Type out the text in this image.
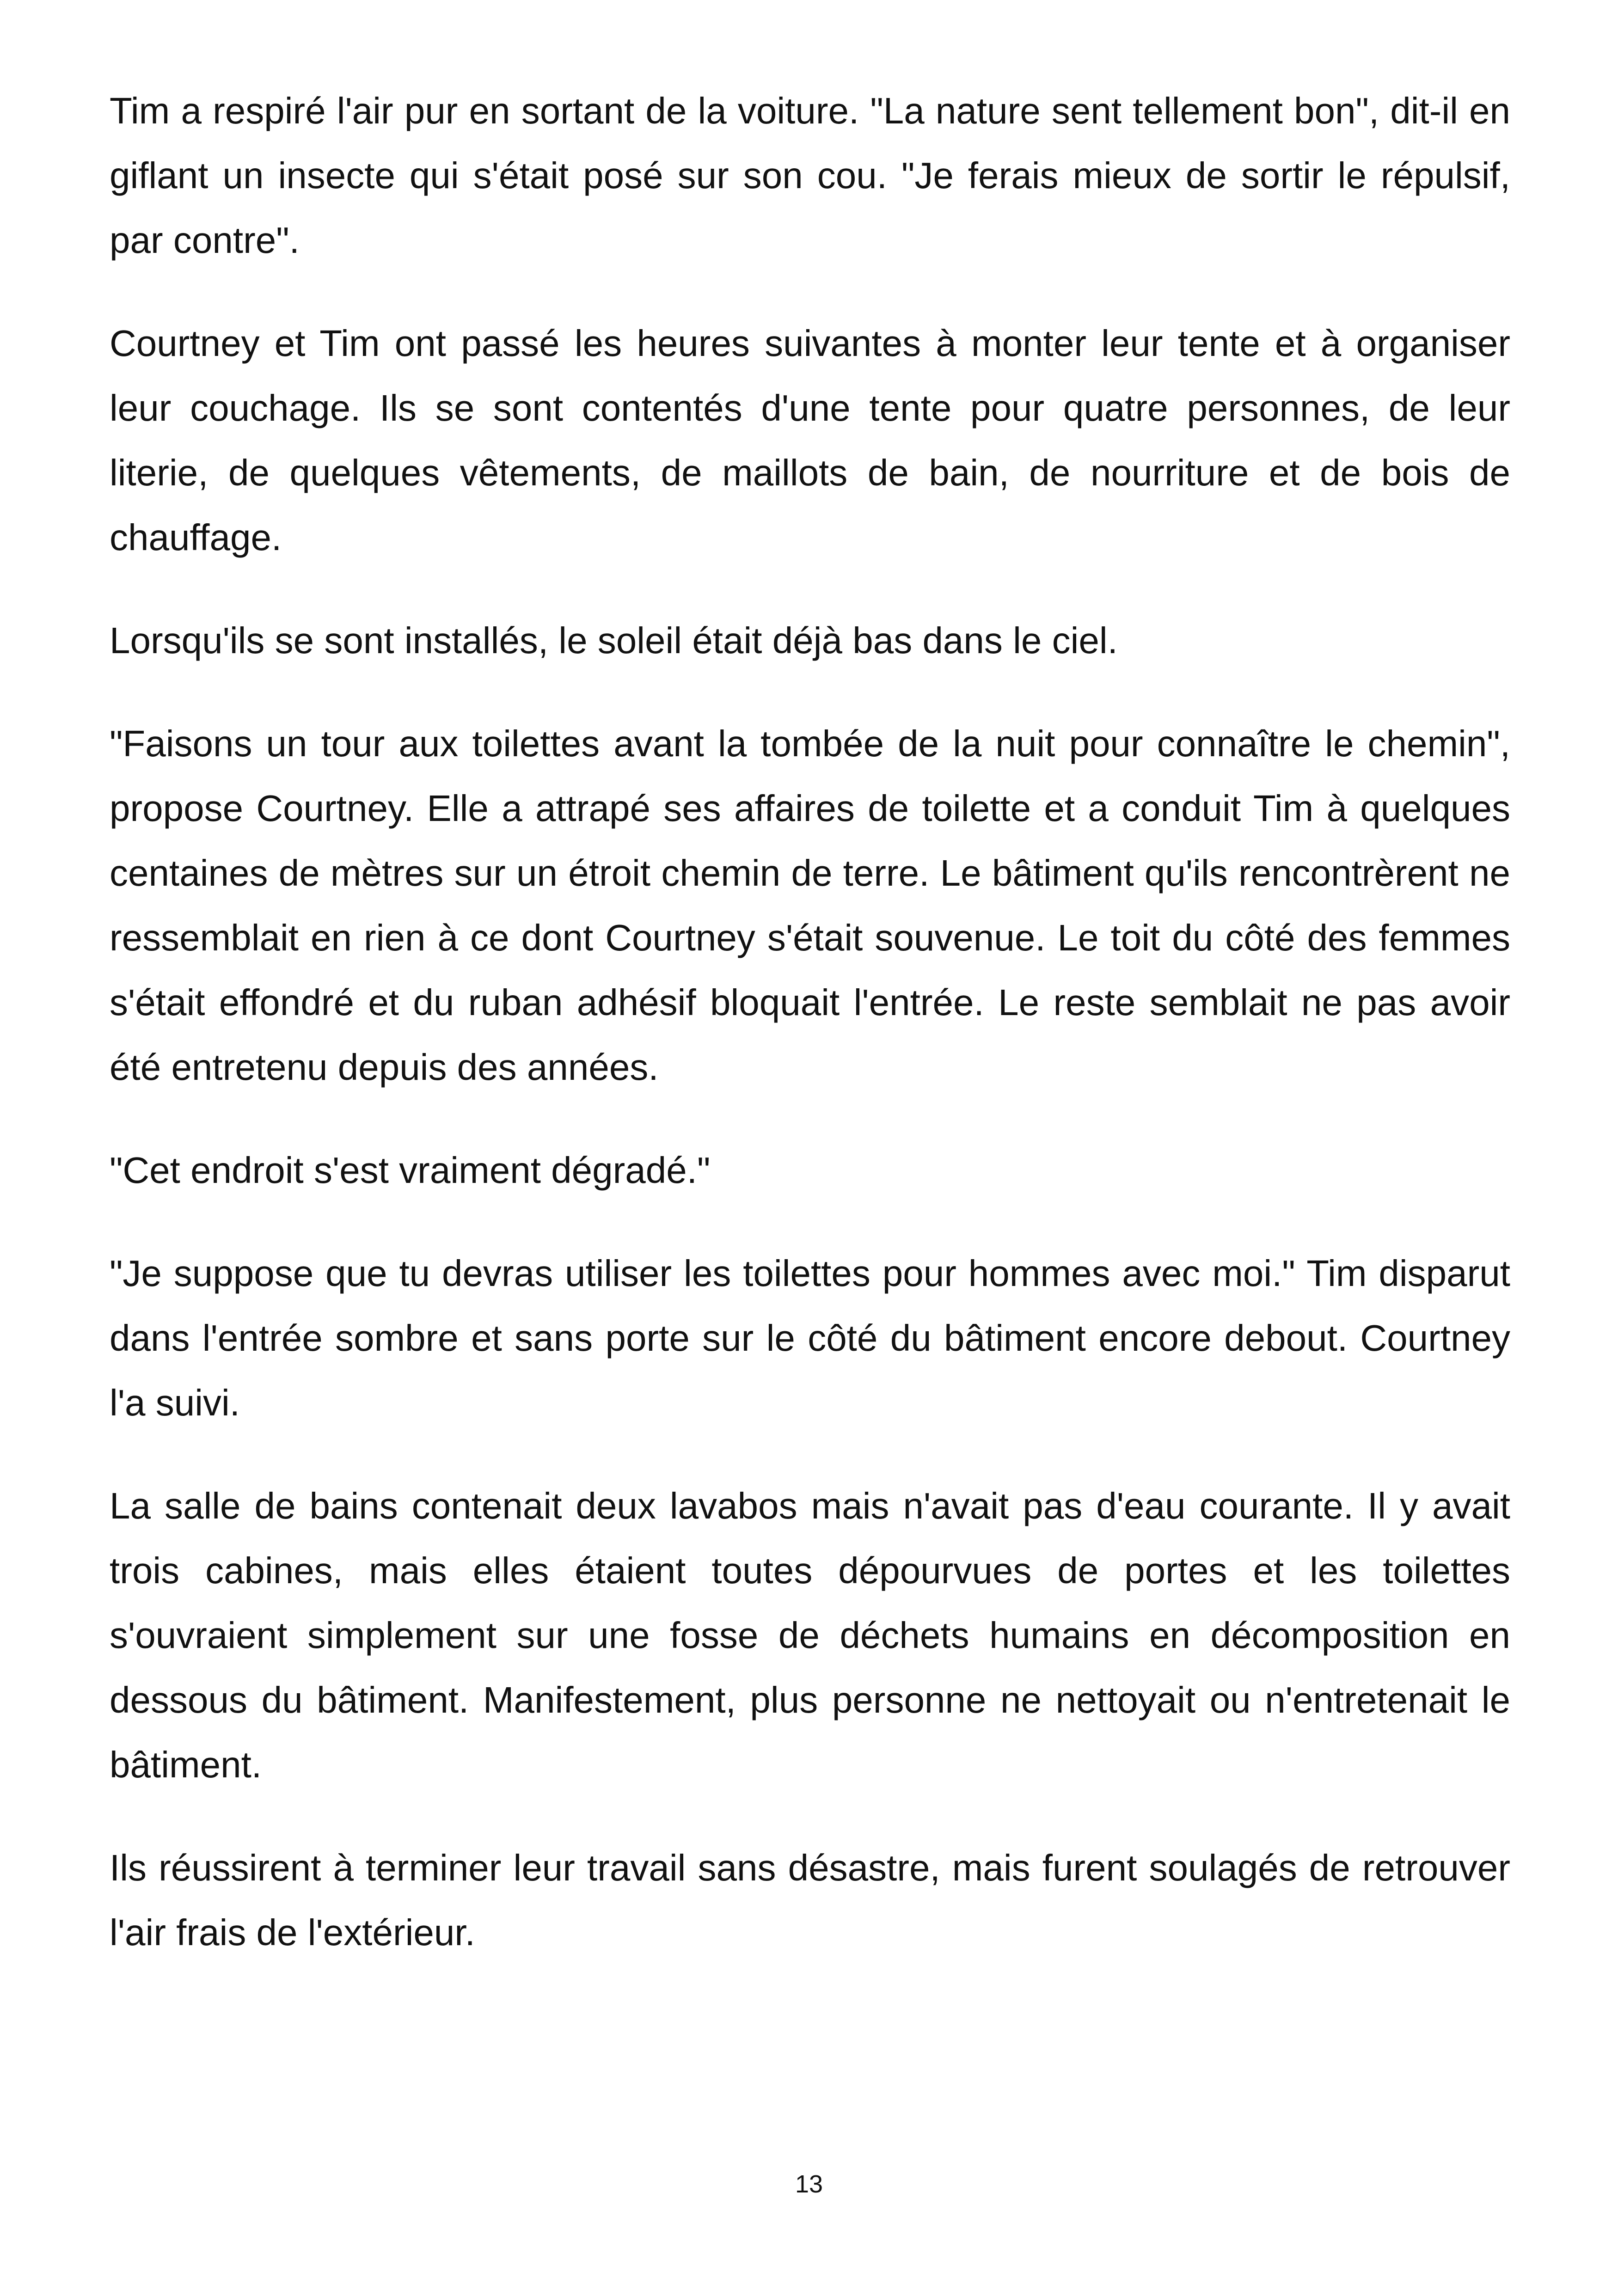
Tim a respiré l'air pur en sortant de la voiture. "La nature sent tellement bon", dit-il en giflant un insecte qui s'était posé sur son cou. "Je ferais mieux de sortir le répulsif, par contre".

Courtney et Tim ont passé les heures suivantes à monter leur tente et à organiser leur couchage. Ils se sont contentés d'une tente pour quatre personnes, de leur literie, de quelques vêtements, de maillots de bain, de nourriture et de bois de chauffage.

Lorsqu'ils se sont installés, le soleil était déjà bas dans le ciel.

"Faisons un tour aux toilettes avant la tombée de la nuit pour connaître le chemin", propose Courtney. Elle a attrapé ses affaires de toilette et a conduit Tim à quelques centaines de mètres sur un étroit chemin de terre. Le bâtiment qu'ils rencontrèrent ne ressemblait en rien à ce dont Courtney s'était souvenue. Le toit du côté des femmes s'était effondré et du ruban adhésif bloquait l'entrée. Le reste semblait ne pas avoir été entretenu depuis des années.

"Cet endroit s'est vraiment dégradé."

"Je suppose que tu devras utiliser les toilettes pour hommes avec moi." Tim disparut dans l'entrée sombre et sans porte sur le côté du bâtiment encore debout. Courtney l'a suivi.

La salle de bains contenait deux lavabos mais n'avait pas d'eau courante. Il y avait trois cabines, mais elles étaient toutes dépourvues de portes et les toilettes s'ouvraient simplement sur une fosse de déchets humains en décomposition en dessous du bâtiment. Manifestement, plus personne ne nettoyait ou n'entretenait le bâtiment.

Ils réussirent à terminer leur travail sans désastre, mais furent soulagés de retrouver l'air frais de l'extérieur.

13
